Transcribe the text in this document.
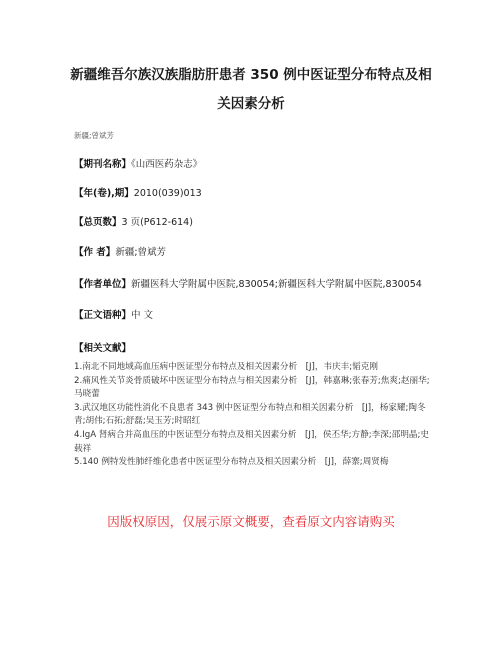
新疆维吾尔族汉族脂肪肝患者 350 例中医证型分布特点及相
关因素分析
新疆;曾斌芳
【期刊名称】《山西医药杂志》
【年(卷),期】2010(039)013
【总页数】3 页(P612-614)
【作 者】新疆;曾斌芳
【作者单位】新疆医科大学附属中医院,830054;新疆医科大学附属中医院,830054
【正文语种】中 文
【相关文献】

1.南北不同地域高血压病中医证型分布特点及相关因素分析　[J]，韦庆丰;韬克刚

2.痛风性关节炎骨质破坏中医证型分布特点与相关因素分析　[J]，韩嘉琳;张春芳;焦爽;赵丽华;马晓蕾

3.武汉地区功能性消化不良患者 343 例中医证型分布特点和相关因素分析　[J]，杨家耀;陶冬青;胡伟;石拓;舒磊;吴玉芳;时昭红

4.IgA 肾病合并高血压的中医证型分布特点及相关因素分析　[J]，侯丕华;方静;李深;邵明晶;史载祥

5.140 例特发性肺纤维化患者中医证型分布特点及相关因素分析　[J]，薛寨;周贤梅

因版权原因，仅展示原文概要，查看原文内容请购买
